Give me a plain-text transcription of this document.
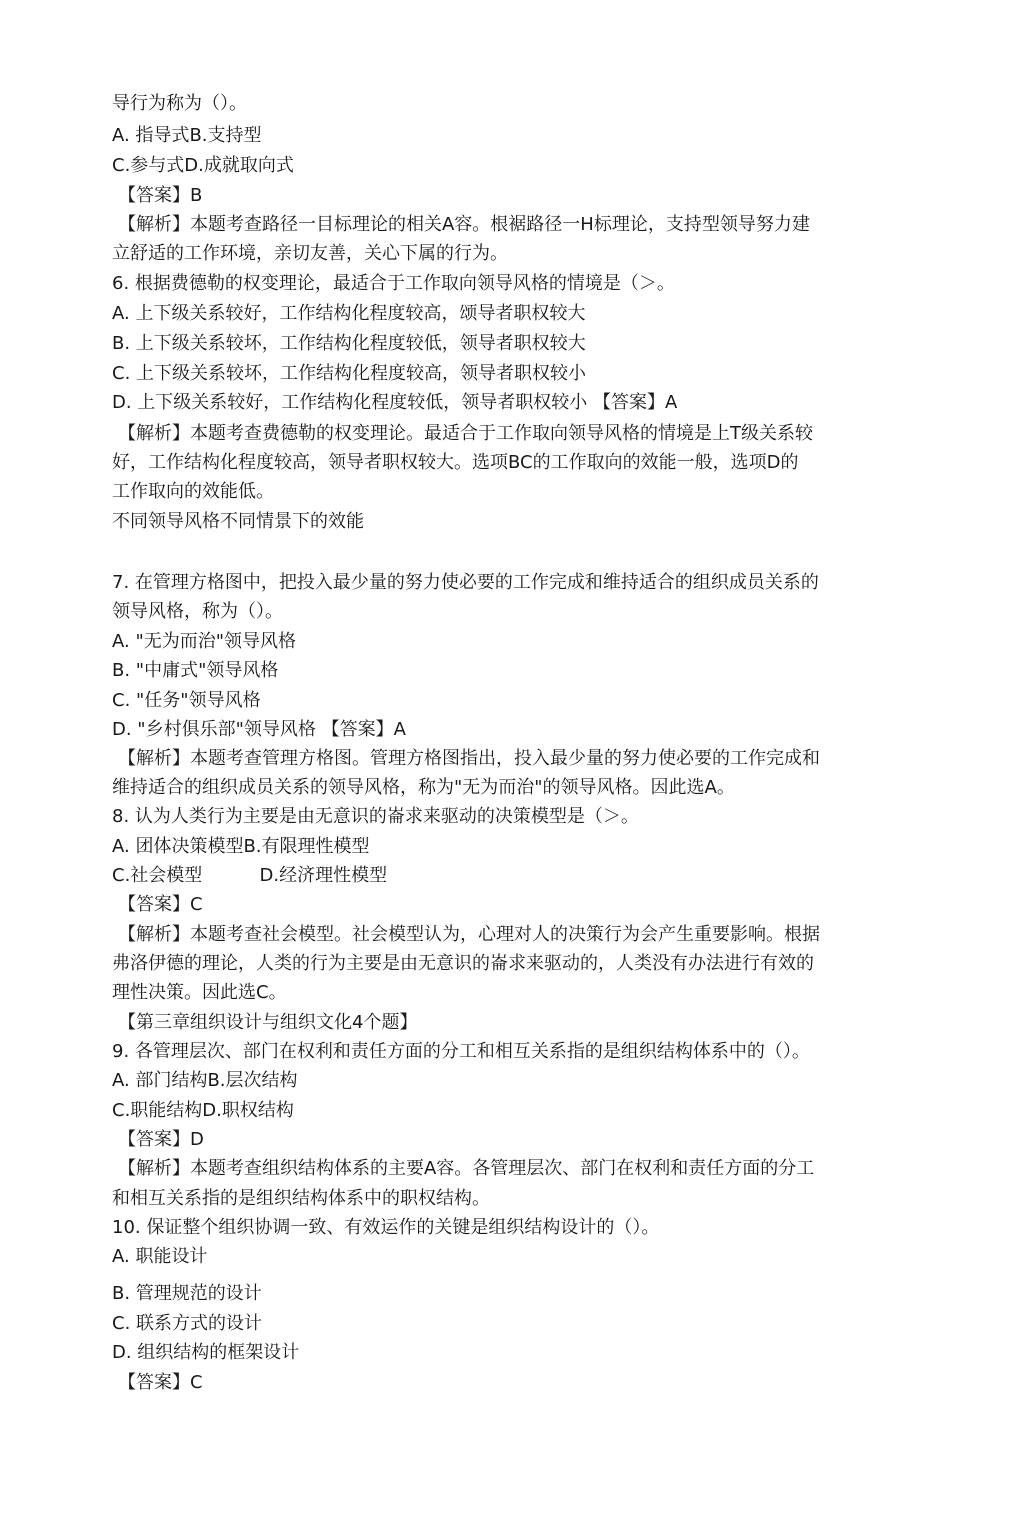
导行为称为（）。
A. 指导式B.支持型
C.参与式D.成就取向式
【答案】B
【解析】本题考查路径一目标理论的相关A容。根裾路径一H标理论，支持型领导努力建
立舒适的工作环境，亲切友善，关心下属的行为。
6. 根据费德勒的权变理论，最适合于工作取向领导风格的情境是（＞。
A. 上下级关系较好，工作结构化程度较高，颂导者职权较大
B. 上下级关系较坏，工作结构化程度较低，领导者职权较大
C. 上下级关系较坏，工作结构化程度较高，领导者职权较小
D. 上下级关系较好，工作结构化程度较低，领导者职权较小 【答案】A
【解析】本题考查费德勒的权变理论。最适合于工作取向领导风格的情境是上T级关系较
好，工作结构化程度较高，领导者职权较大。选项BC的工作取向的效能一般，选项D的
工作取向的效能低。
不同领导风格不同情景下的效能
7. 在管理方格图中，把投入最少量的努力使必要的工作完成和维持适合的组织成员关系的
领导风格，称为（）。
A. "无为而治"领导风格
B. "中庸式"领导风格
C. "任务"领导风格
D. "乡村俱乐部"领导风格 【答案】A
【解析】本题考查管理方格图。管理方格图指出，投入最少量的努力使必要的工作完成和
维持适合的组织成员关系的领导风格，称为"无为而治"的领导风格。因此选A。
8. 认为人类行为主要是由无意识的崙求来驱动的决策模型是（＞。
A. 团体决策模型B.有限理性模型
C.社会模型          D.经济理性模型
【答案】C
【解析】本题考查社会模型。社会模型认为，心理对人的决策行为会产生重要影响。根据
弗洛伊德的理论，人类的行为主要是由无意识的崙求来驱动的，人类没有办法进行有效的
理性决策。因此选C。
【第三章组织设计与组织文化4个题】
9. 各管理层次、部门在权利和责任方面的分工和相互关系指的是组织结构体系中的（）。
A. 部门结构B.层次结构
C.职能结构D.职权结构
【答案】D
【解析】本题考查组织结构体系的主要A容。各管理层次、部门在权利和责任方面的分工
和相互关系指的是组织结构体系中的职权结构。
10. 保证整个组织协调一致、有效运作的关键是组织结构设计的（）。
A. 职能设计
B. 管理规范的设计
C. 联系方式的设计
D. 组织结构的框架设计
【答案】C
